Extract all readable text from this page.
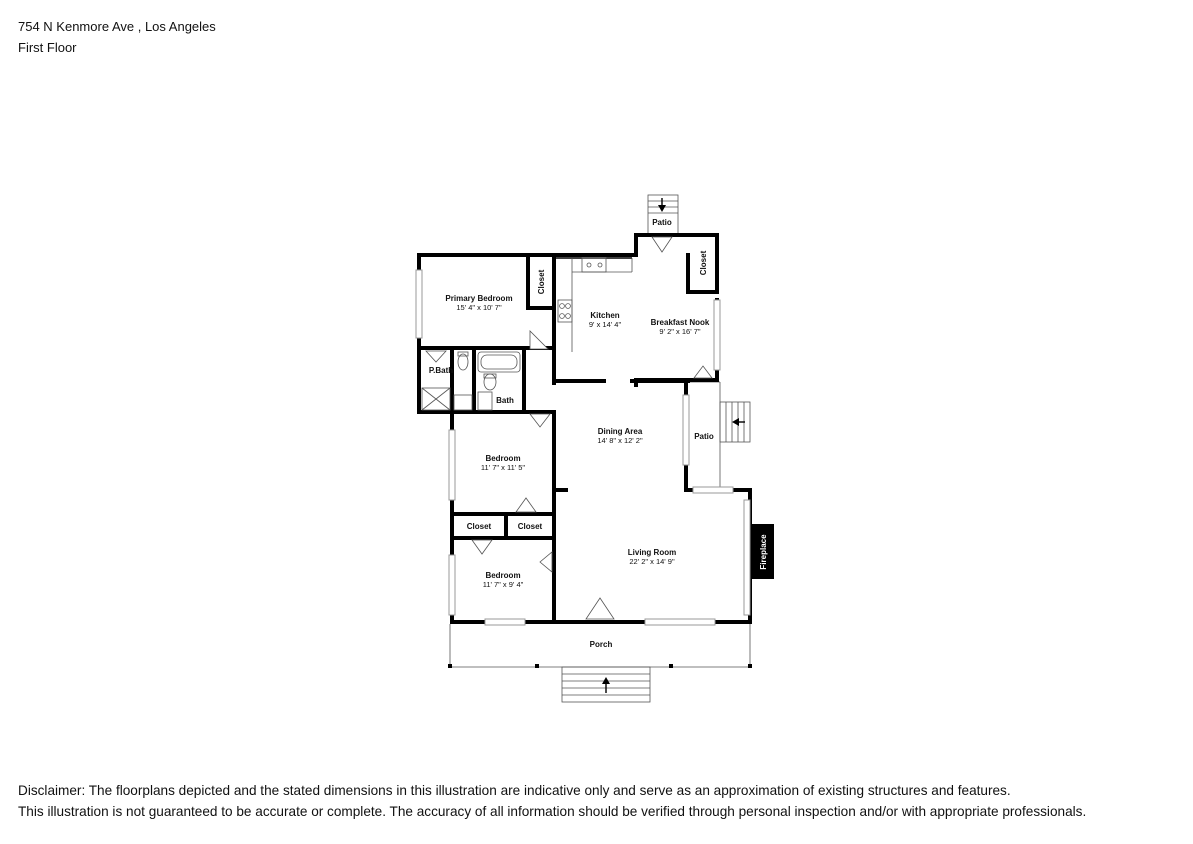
754 N Kenmore Ave , Los Angeles
First Floor
Primary Bedroom
15' 4" x 10' 7"
Closet
Kitchen
9' x 14' 4"	Breakfast Nook
9' 2" x 16' 7"
Closet
Patio
P.Bath
Bath
Dining Area
14' 8" x 12' 2"	Patio
Bedroom
11' 7" x 11' 5"
Closet	Closet
Bedroom
11' 7" x 9' 4"
Living Room
22' 2" x 14' 9"	Fireplace
Porch
Disclaimer: The floorplans depicted and the stated dimensions in this illustration are indicative only and serve as an approximation of existing structures and features.
This illustration is not guaranteed to be accurate or complete. The accuracy of all information should be verified through personal inspection and/or with appropriate professionals.
